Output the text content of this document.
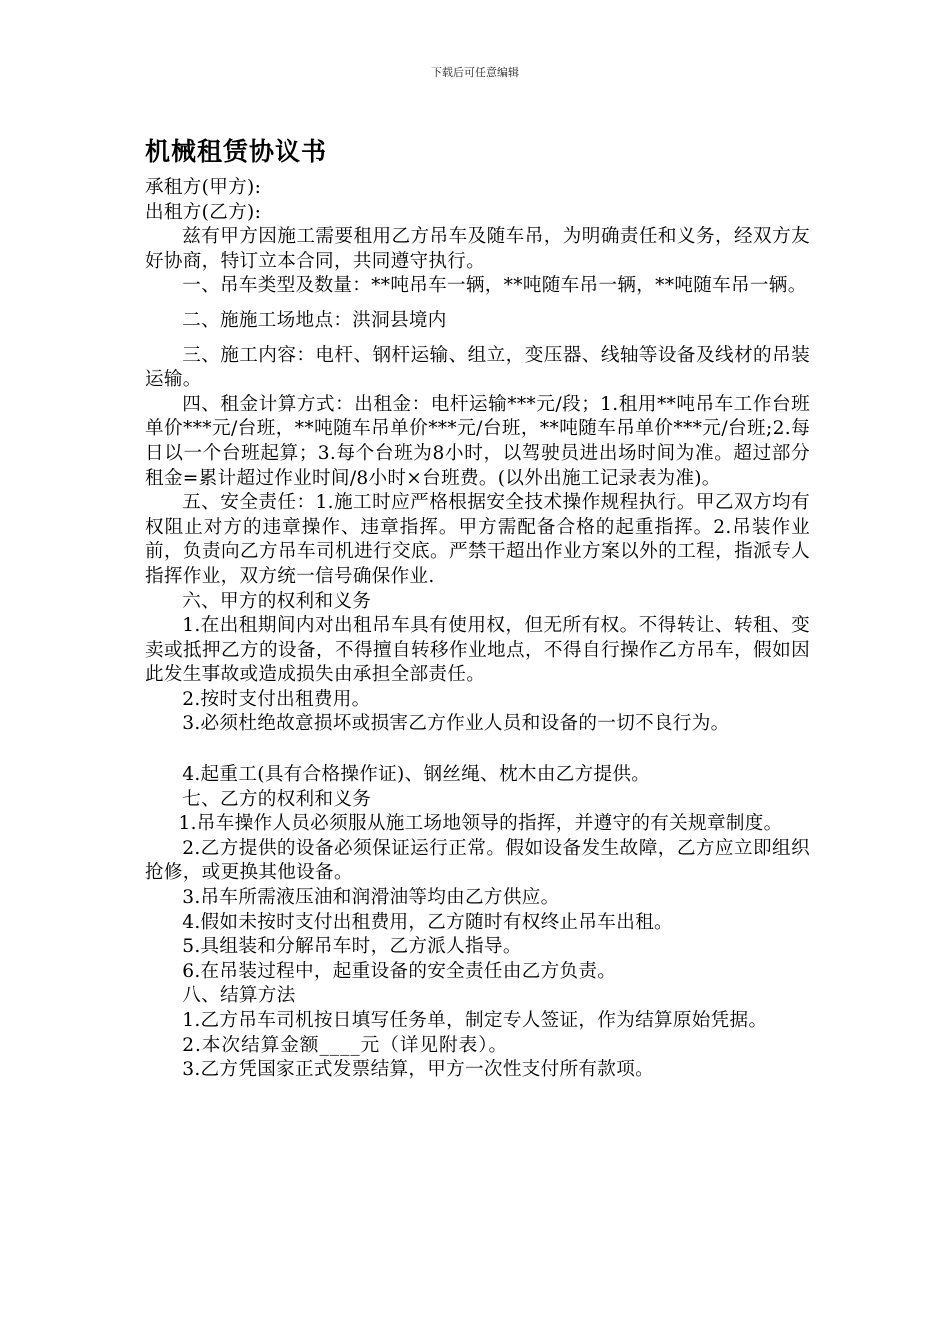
下载后可任意编辑
机械租赁协议书
承租方(甲方):
出租方(乙方):
兹有甲方因施工需要租用乙方吊车及随车吊，为明确责任和义务，经双方友好协商，特订立本合同，共同遵守执行。
一、吊车类型及数量：**吨吊车一辆，**吨随车吊一辆，**吨随车吊一辆。
二、施施工场地点：洪洞县境内
三、施工内容：电杆、钢杆运输、组立，变压器、线轴等设备及线材的吊装运输。
四、租金计算方式：出租金：电杆运输***元/段；1.租用**吨吊车工作台班单价***元/台班，**吨随车吊单价***元/台班，**吨随车吊单价***元/台班;2.每日以一个台班起算；3.每个台班为8小时，以驾驶员进出场时间为准。超过部分租金=累计超过作业时间/8小时×台班费。(以外出施工记录表为准)。
五、安全责任：1.施工时应严格根据安全技术操作规程执行。甲乙双方均有权阻止对方的违章操作、违章指挥。甲方需配备合格的起重指挥。2.吊装作业前，负责向乙方吊车司机进行交底。严禁干超出作业方案以外的工程，指派专人指挥作业，双方统一信号确保作业.
六、甲方的权利和义务
1.在出租期间内对出租吊车具有使用权，但无所有权。不得转让、转租、变卖或抵押乙方的设备，不得擅自转移作业地点，不得自行操作乙方吊车，假如因此发生事故或造成损失由承担全部责任。
2.按时支付出租费用。
3.必须杜绝故意损坏或损害乙方作业人员和设备的一切不良行为。
4.起重工(具有合格操作证)、钢丝绳、枕木由乙方提供。
七、乙方的权利和义务
1.吊车操作人员必须服从施工场地领导的指挥，并遵守的有关规章制度。
2.乙方提供的设备必须保证运行正常。假如设备发生故障，乙方应立即组织抢修，或更换其他设备。
3.吊车所需液压油和润滑油等均由乙方供应。
4.假如未按时支付出租费用，乙方随时有权终止吊车出租。
5.具组装和分解吊车时，乙方派人指导。
6.在吊装过程中，起重设备的安全责任由乙方负责。
八、结算方法
1.乙方吊车司机按日填写任务单，制定专人签证，作为结算原始凭据。
2.本次结算金额____元（详见附表）。
3.乙方凭国家正式发票结算，甲方一次性支付所有款项。
